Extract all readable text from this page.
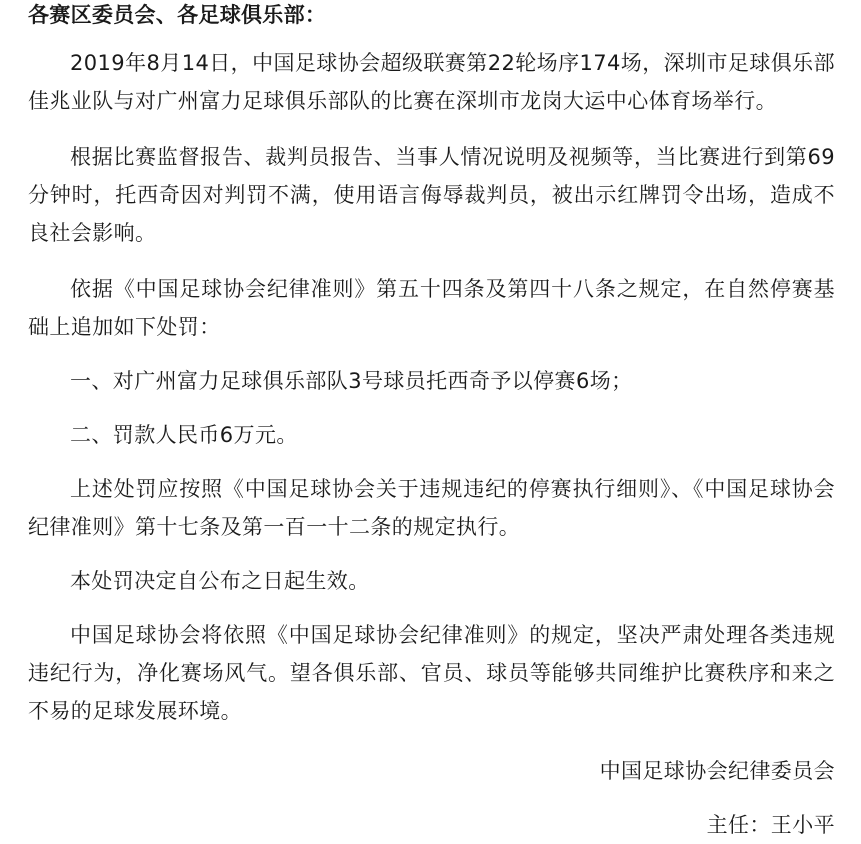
各赛区委员会、各足球俱乐部：

2019年8月14日，中国足球协会超级联赛第22轮场序174场，深圳市足球俱乐部佳兆业队与对广州富力足球俱乐部队的比赛在深圳市龙岗大运中心体育场举行。

根据比赛监督报告、裁判员报告、当事人情况说明及视频等，当比赛进行到第69分钟时，托西奇因对判罚不满，使用语言侮辱裁判员，被出示红牌罚令出场，造成不良社会影响。

依据《中国足球协会纪律准则》第五十四条及第四十八条之规定，在自然停赛基础上追加如下处罚：

一、对广州富力足球俱乐部队3号球员托西奇予以停赛6场；

二、罚款人民币6万元。

上述处罚应按照《中国足球协会关于违规违纪的停赛执行细则》、《中国足球协会纪律准则》第十七条及第一百一十二条的规定执行。

本处罚决定自公布之日起生效。

中国足球协会将依照《中国足球协会纪律准则》的规定，坚决严肃处理各类违规违纪行为，净化赛场风气。望各俱乐部、官员、球员等能够共同维护比赛秩序和来之不易的足球发展环境。

中国足球协会纪律委员会

主任：王小平
